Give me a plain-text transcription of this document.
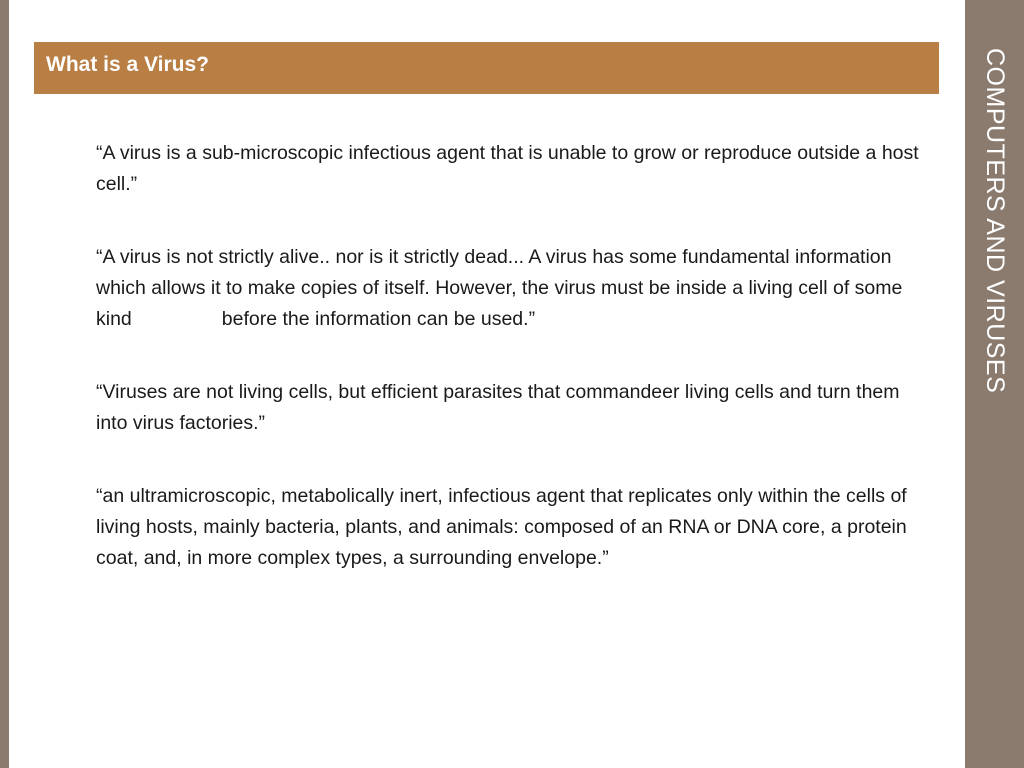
COMPUTERS AND VIRUSES
What is a Virus?

“A virus is a sub-microscopic infectious agent that is unable to grow or reproduce outside a host cell.”

“A virus is not strictly alive.. nor is it strictly dead... A virus has some fundamental information which allows it to make copies of itself. However, the virus must be inside a living cell of some kind	before the information can be used.”

“Viruses are not living cells, but efficient parasites that commandeer living cells and turn them into virus factories.”

“an ultramicroscopic, metabolically inert, infectious agent that replicates only within the cells of living hosts, mainly bacteria, plants, and animals: composed of an RNA or DNA core, a protein coat, and, in more complex types, a surrounding envelope.”
